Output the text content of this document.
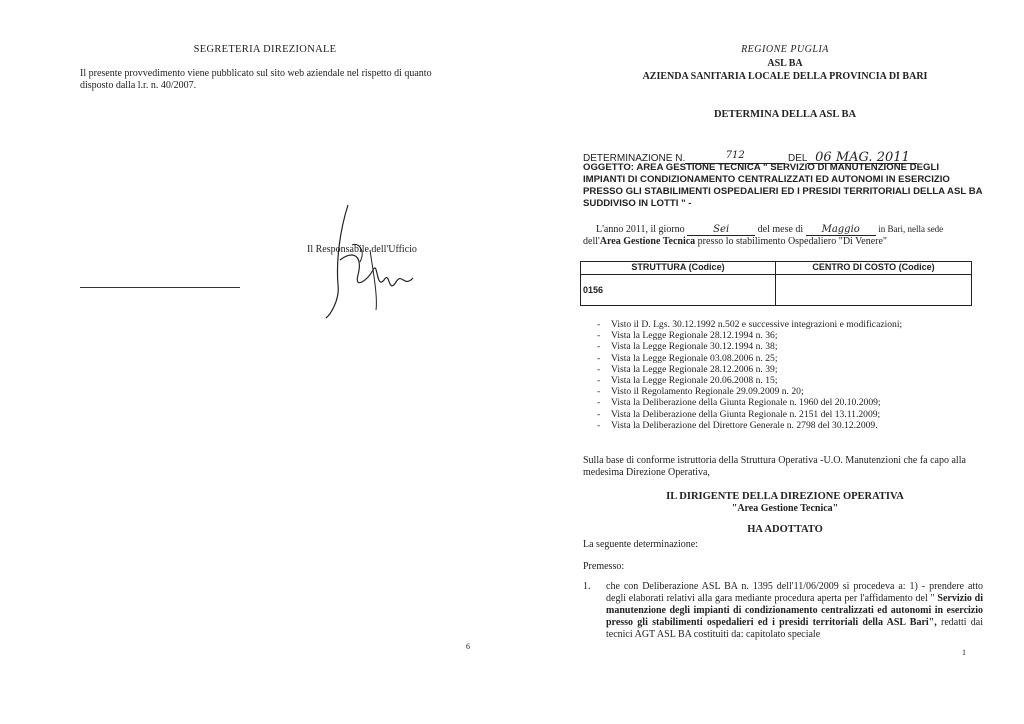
SEGRETERIA DIREZIONALE
Il presente provvedimento viene pubblicato sul sito web aziendale nel rispetto di quanto disposto dalla l.r. n. 40/2007.
Il Responsabile dell'Ufficio
6
REGIONE PUGLIA
ASL BA
AZIENDA SANITARIA LOCALE DELLA PROVINCIA DI BARI
DETERMINA DELLA ASL BA
DETERMINAZIONE N.	712	DEL 06 MAG. 2011
OGGETTO: AREA GESTIONE TECNICA " SERVIZIO DI MANUTENZIONE DEGLI IMPIANTI DI CONDIZIONAMENTO CENTRALIZZATI ED AUTONOMI IN ESERCIZIO PRESSO GLI STABILIMENTI OSPEDALIERI ED I PRESIDI TERRITORIALI DELLA ASL BA SUDDIVISO IN LOTTI " -
L'anno 2011, il giorno	Sei	del mese di Maggio in Bari, nella sede
dell'Area Gestione Tecnica presso lo stabilimento Ospedaliero "Di Venere"
STRUTTURA (Codice)	CENTRO DI COSTO (Codice)
0156	
- Visto il D. Lgs. 30.12.1992 n.502 e successive integrazioni e modificazioni;
- Vista la Legge Regionale 28.12.1994 n. 36;
- Vista la Legge Regionale 30.12.1994 n. 38;
- Vista la Legge Regionale 03.08.2006 n. 25;
- Vista la Legge Regionale 28.12.2006 n. 39;
- Vista la Legge Regionale 20.06.2008 n. 15;
- Visto il Regolamento Regionale 29.09.2009 n. 20;
- Vista la Deliberazione della Giunta Regionale n. 1960 del 20.10.2009;
- Vista la Deliberazione della Giunta Regionale n. 2151 del 13.11.2009;
- Vista la Deliberazione del Direttore Generale n. 2798 del 30.12.2009.
Sulla base di conforme istruttoria della Struttura Operativa -U.O. Manutenzioni che fa capo alla medesima Direzione Operativa,
IL DIRIGENTE DELLA DIREZIONE OPERATIVA
"Area Gestione Tecnica"
HA ADOTTATO
La seguente determinazione:
Premesso:
1. che con Deliberazione ASL BA n. 1395 dell'11/06/2009 si procedeva a: 1) - prendere atto degli elaborati relativi alla gara mediante procedura aperta per l'affidamento del " Servizio di manutenzione degli impianti di condizionamento centralizzati ed autonomi in esercizio presso gli stabilimenti ospedalieri ed i presidi territoriali della ASL Bari", redatti dai tecnici AGT ASL BA costituiti da: capitolato speciale
1
